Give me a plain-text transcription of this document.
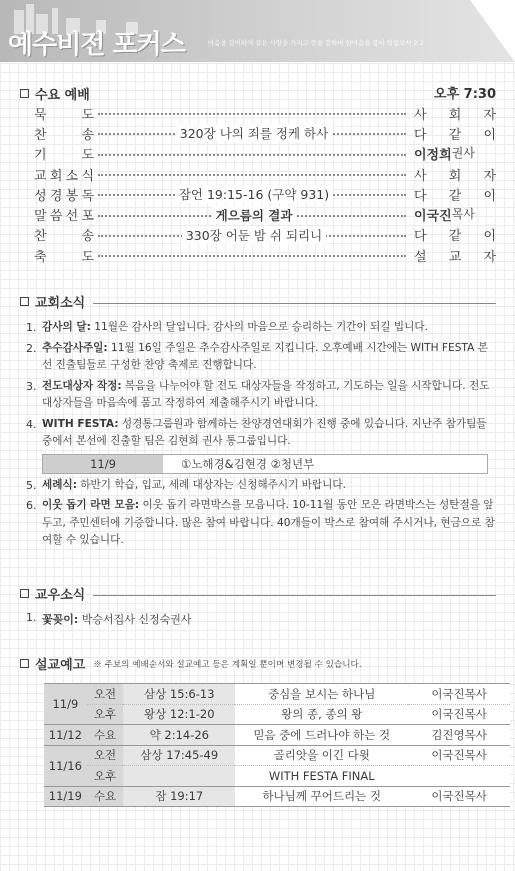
예수비전 포커스	마음을 같이하여 같은 사랑을 가지고 뜻을 합하여 한마음을 품어 빌립보서 2:2
수요 예배	오후 7:30
묵	도	사 회 자
찬	송	320장 나의 죄를 정케 하사	다 같 이
기	도	이정희 권사
교 회 소 식	사 회 자
성 경 봉 독	잠언 19:15-16 (구약 931)	다 같 이
말 씀 선 포	게으름의 결과	이국진 목사
찬	송	330장 어둔 밤 쉬 되리니	다 같 이
축	도	설 교 자
교회소식
1. 감사의 달: 11월은 감사의 달입니다. 감사의 마음으로 승리하는 기간이 되길 빕니다.
2. 추수감사주일: 11월 16일 주일은 추수감사주일로 지킵니다. 오후예배 시간에는 WITH FESTA 본선 진출팀들로 구성한 찬양 축제로 진행합니다.
3. 전도대상자 작정: 복음을 나누어야 할 전도 대상자들을 작정하고, 기도하는 일을 시작합니다. 전도대상자들을 마음속에 품고 작정하여 제출해주시기 바랍니다.
4. WITH FESTA: 성경통그룹원과 함께하는 찬양경연대회가 진행 중에 있습니다. 지난주 참가팀들 중에서 본선에 진출할 팀은 김현희 권사 통그룹입니다.
11/9	①노해경&김현경 ②청년부
5. 세례식: 하반기 학습, 입교, 세례 대상자는 신청해주시기 바랍니다.
6. 이웃 돕기 라면 모음: 이웃 돕기 라면박스를 모읍니다. 10-11월 동안 모은 라면박스는 성탄절을 앞두고, 주민센터에 기증합니다. 많은 참여 바랍니다. 40개들이 박스로 참여해 주시거나, 현금으로 참여할 수 있습니다.
교우소식
1. 꽃꽂이: 박승서집사 신정숙권사
설교예고 ※ 주보의 예배순서와 설교예고 등은 계획일 뿐이며 변경될 수 있습니다.
11/9	오전	삼상 15:6-13	중심을 보시는 하나님	이국진목사
	오후	왕상 12:1-20	왕의 종, 종의 왕	이국진목사
11/12	수요	약 2:14-26	믿음 중에 드러나야 하는 것	김진영목사
11/16	오전	삼상 17:45-49	골리앗을 이긴 다윗	이국진목사
	오후		WITH FESTA FINAL	
11/19	수요	잠 19:17	하나님께 꾸어드리는 것	이국진목사
